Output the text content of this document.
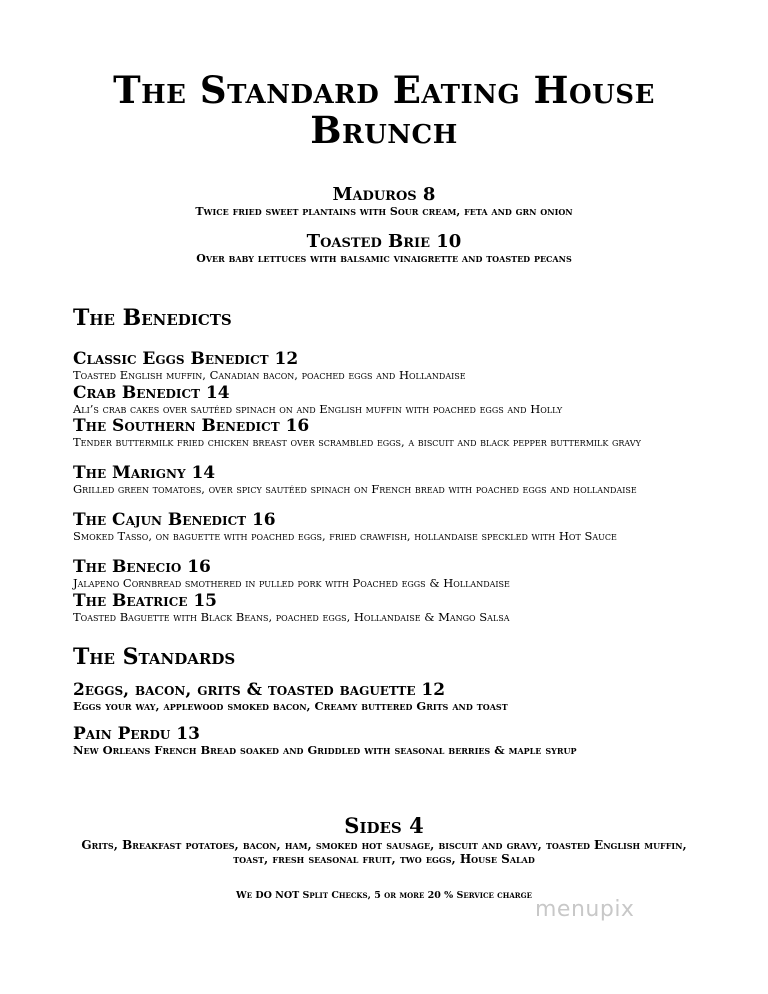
The Standard Eating House
Brunch
Maduros 8
Twice fried sweet plantains with Sour cream, feta and grn onion
Toasted Brie 10
Over baby lettuces with balsamic vinaigrette and toasted pecans
The Benedicts
Classic Eggs Benedict 12
Toasted English muffin, Canadian bacon, poached eggs and Hollandaise
Crab Benedict 14
Ali’s crab cakes over sautéed spinach on and English muffin with poached eggs and Holly
The Southern Benedict 16
Tender buttermilk fried chicken breast over scrambled eggs, a biscuit and black pepper buttermilk gravy
The Marigny 14
Grilled green tomatoes, over spicy sautéed spinach on French bread with poached eggs and hollandaise
The Cajun Benedict 16
Smoked Tasso, on baguette with poached eggs, fried crawfish, hollandaise speckled with Hot Sauce
The Benecio 16
Jalapeno Cornbread smothered in pulled pork with Poached eggs & Hollandaise
The Beatrice 15
Toasted Baguette with Black Beans, poached eggs, Hollandaise & Mango Salsa
The Standards
2eggs, bacon, grits & toasted baguette 12
Eggs your way, applewood smoked bacon, Creamy buttered Grits and toast
Pain Perdu 13
New Orleans French Bread soaked and Griddled with seasonal berries & maple syrup
Sides 4
Grits, Breakfast potatoes, bacon, ham, smoked hot sausage, biscuit and gravy, toasted English muffin, toast, fresh seasonal fruit, two eggs, House Salad
We DO NOT Split Checks, 5 or more 20 % Service charge
menupix
